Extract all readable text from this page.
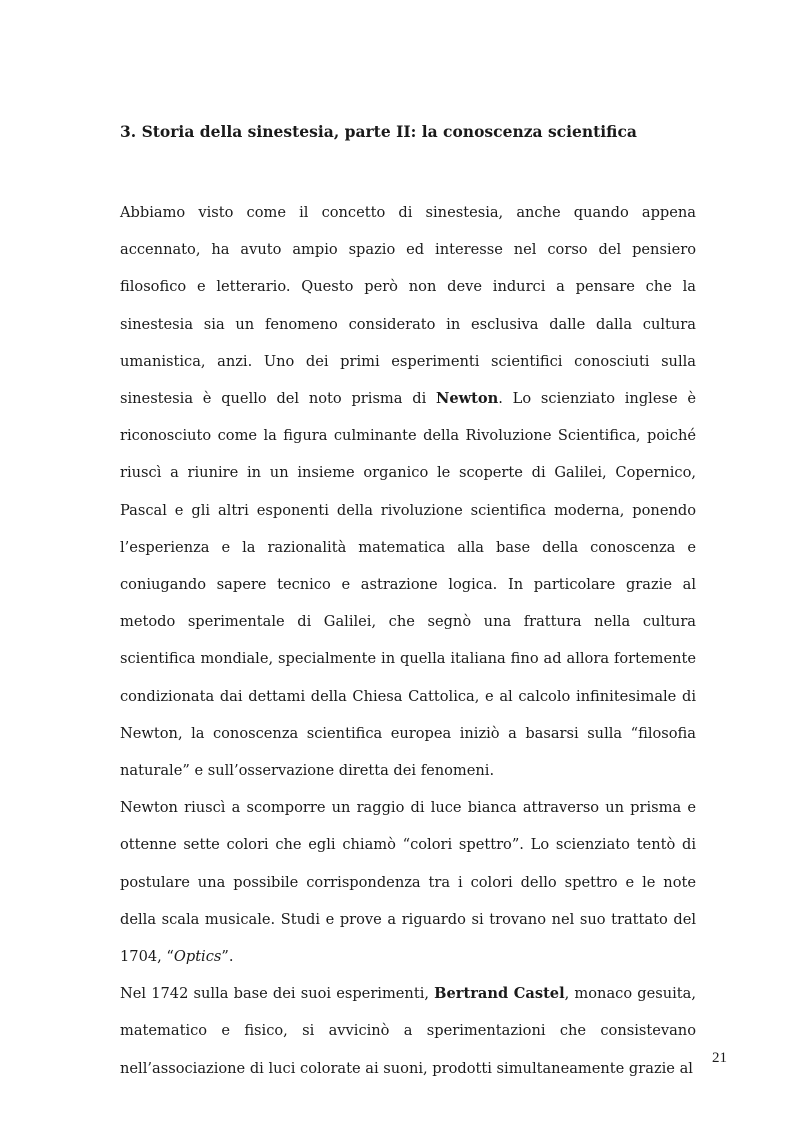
3. Storia della sinestesia, parte II: la conoscenza scientifica

Abbiamo visto come il concetto di sinestesia, anche quando appena accennato, ha avuto ampio spazio ed interesse nel corso del pensiero filosofico e letterario. Questo però non deve indurci a pensare che la sinestesia sia un fenomeno considerato in esclusiva dalle dalla cultura umanistica, anzi. Uno dei primi esperimenti scientifici conosciuti sulla sinestesia è quello del noto prisma di Newton. Lo scienziato inglese è riconosciuto come la figura culminante della Rivoluzione Scientifica, poiché riuscì a riunire in un insieme organico le scoperte di Galilei, Copernico, Pascal e gli altri esponenti della rivoluzione scientifica moderna, ponendo l’esperienza e la razionalità matematica alla base della conoscenza e coniugando sapere tecnico e astrazione logica. In particolare grazie al metodo sperimentale di Galilei, che segnò una frattura nella cultura scientifica mondiale, specialmente in quella italiana fino ad allora fortemente condizionata dai dettami della Chiesa Cattolica, e al calcolo infinitesimale di Newton, la conoscenza scientifica europea iniziò a basarsi sulla “filosofia naturale” e sull’osservazione diretta dei fenomeni.

Newton riuscì a scomporre un raggio di luce bianca attraverso un prisma e ottenne sette colori che egli chiamò “colori spettro”. Lo scienziato tentò di postulare una possibile corrispondenza tra i colori dello spettro e le note della scala musicale. Studi e prove a riguardo si trovano nel suo trattato del 1704, “Optics”.

Nel 1742 sulla base dei suoi esperimenti, Bertrand Castel, monaco gesuita, matematico e fisico, si avvicinò a sperimentazioni che consistevano nell’associazione di luci colorate ai suoni, prodotti simultaneamente grazie al

21
